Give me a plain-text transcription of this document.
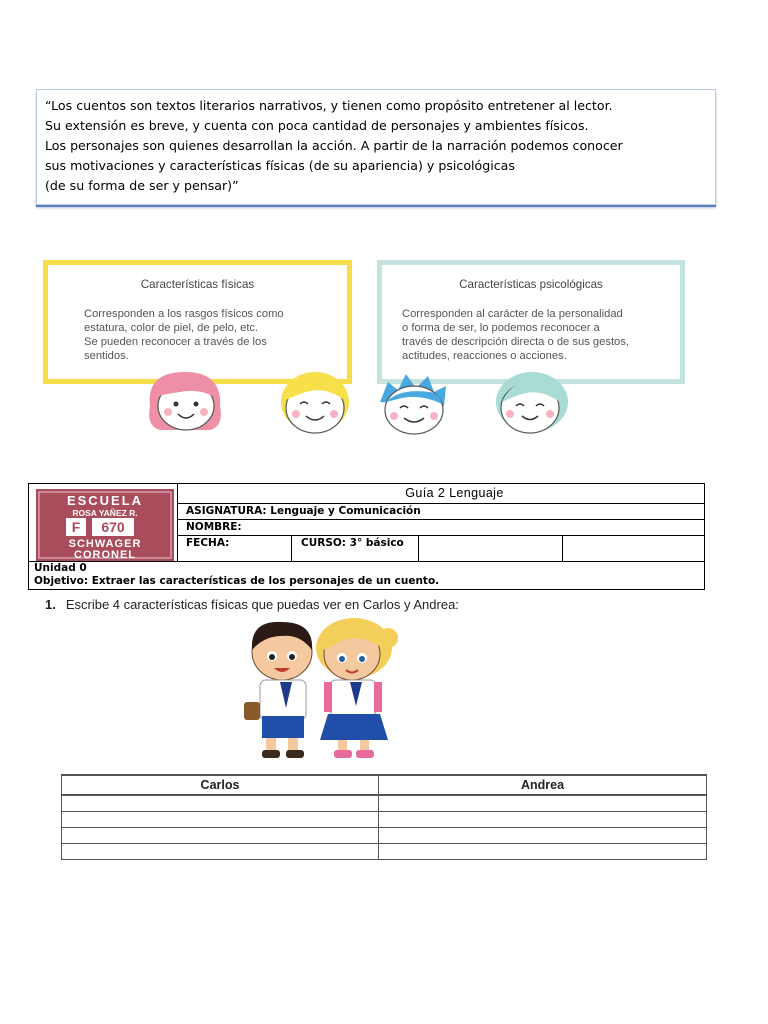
“Los cuentos son textos literarios narrativos, y tienen como propósito entretener al lector.
Su extensión es breve, y cuenta con poca cantidad de personajes y ambientes físicos.
Los personajes son quienes desarrollan la acción. A partir de la narración podemos conocer
sus motivaciones y características físicas (de su apariencia) y psicológicas
(de su forma de ser y pensar)”
Características físicas
Corresponden a los rasgos físicos como
estatura, color de piel, de pelo, etc.
Se pueden reconocer a través de los
sentidos.
Características psicológicas
Corresponden al carácter de la personalidad
o forma de ser, lo podemos reconocer a
través de descripción directa o de sus gestos,
actitudes, reacciones o acciones.
ESCUELA
ROSA YAÑEZ R.
F 670
SCHWAGER
CORONEL
Guía 2 Lenguaje
ASIGNATURA: Lenguaje y Comunicación
NOMBRE:
FECHA:	CURSO: 3° básico
Unidad 0
Objetivo: Extraer las características de los personajes de un cuento.
1. Escribe 4 características físicas que puedas ver en Carlos y Andrea:
Carlos	Andrea
